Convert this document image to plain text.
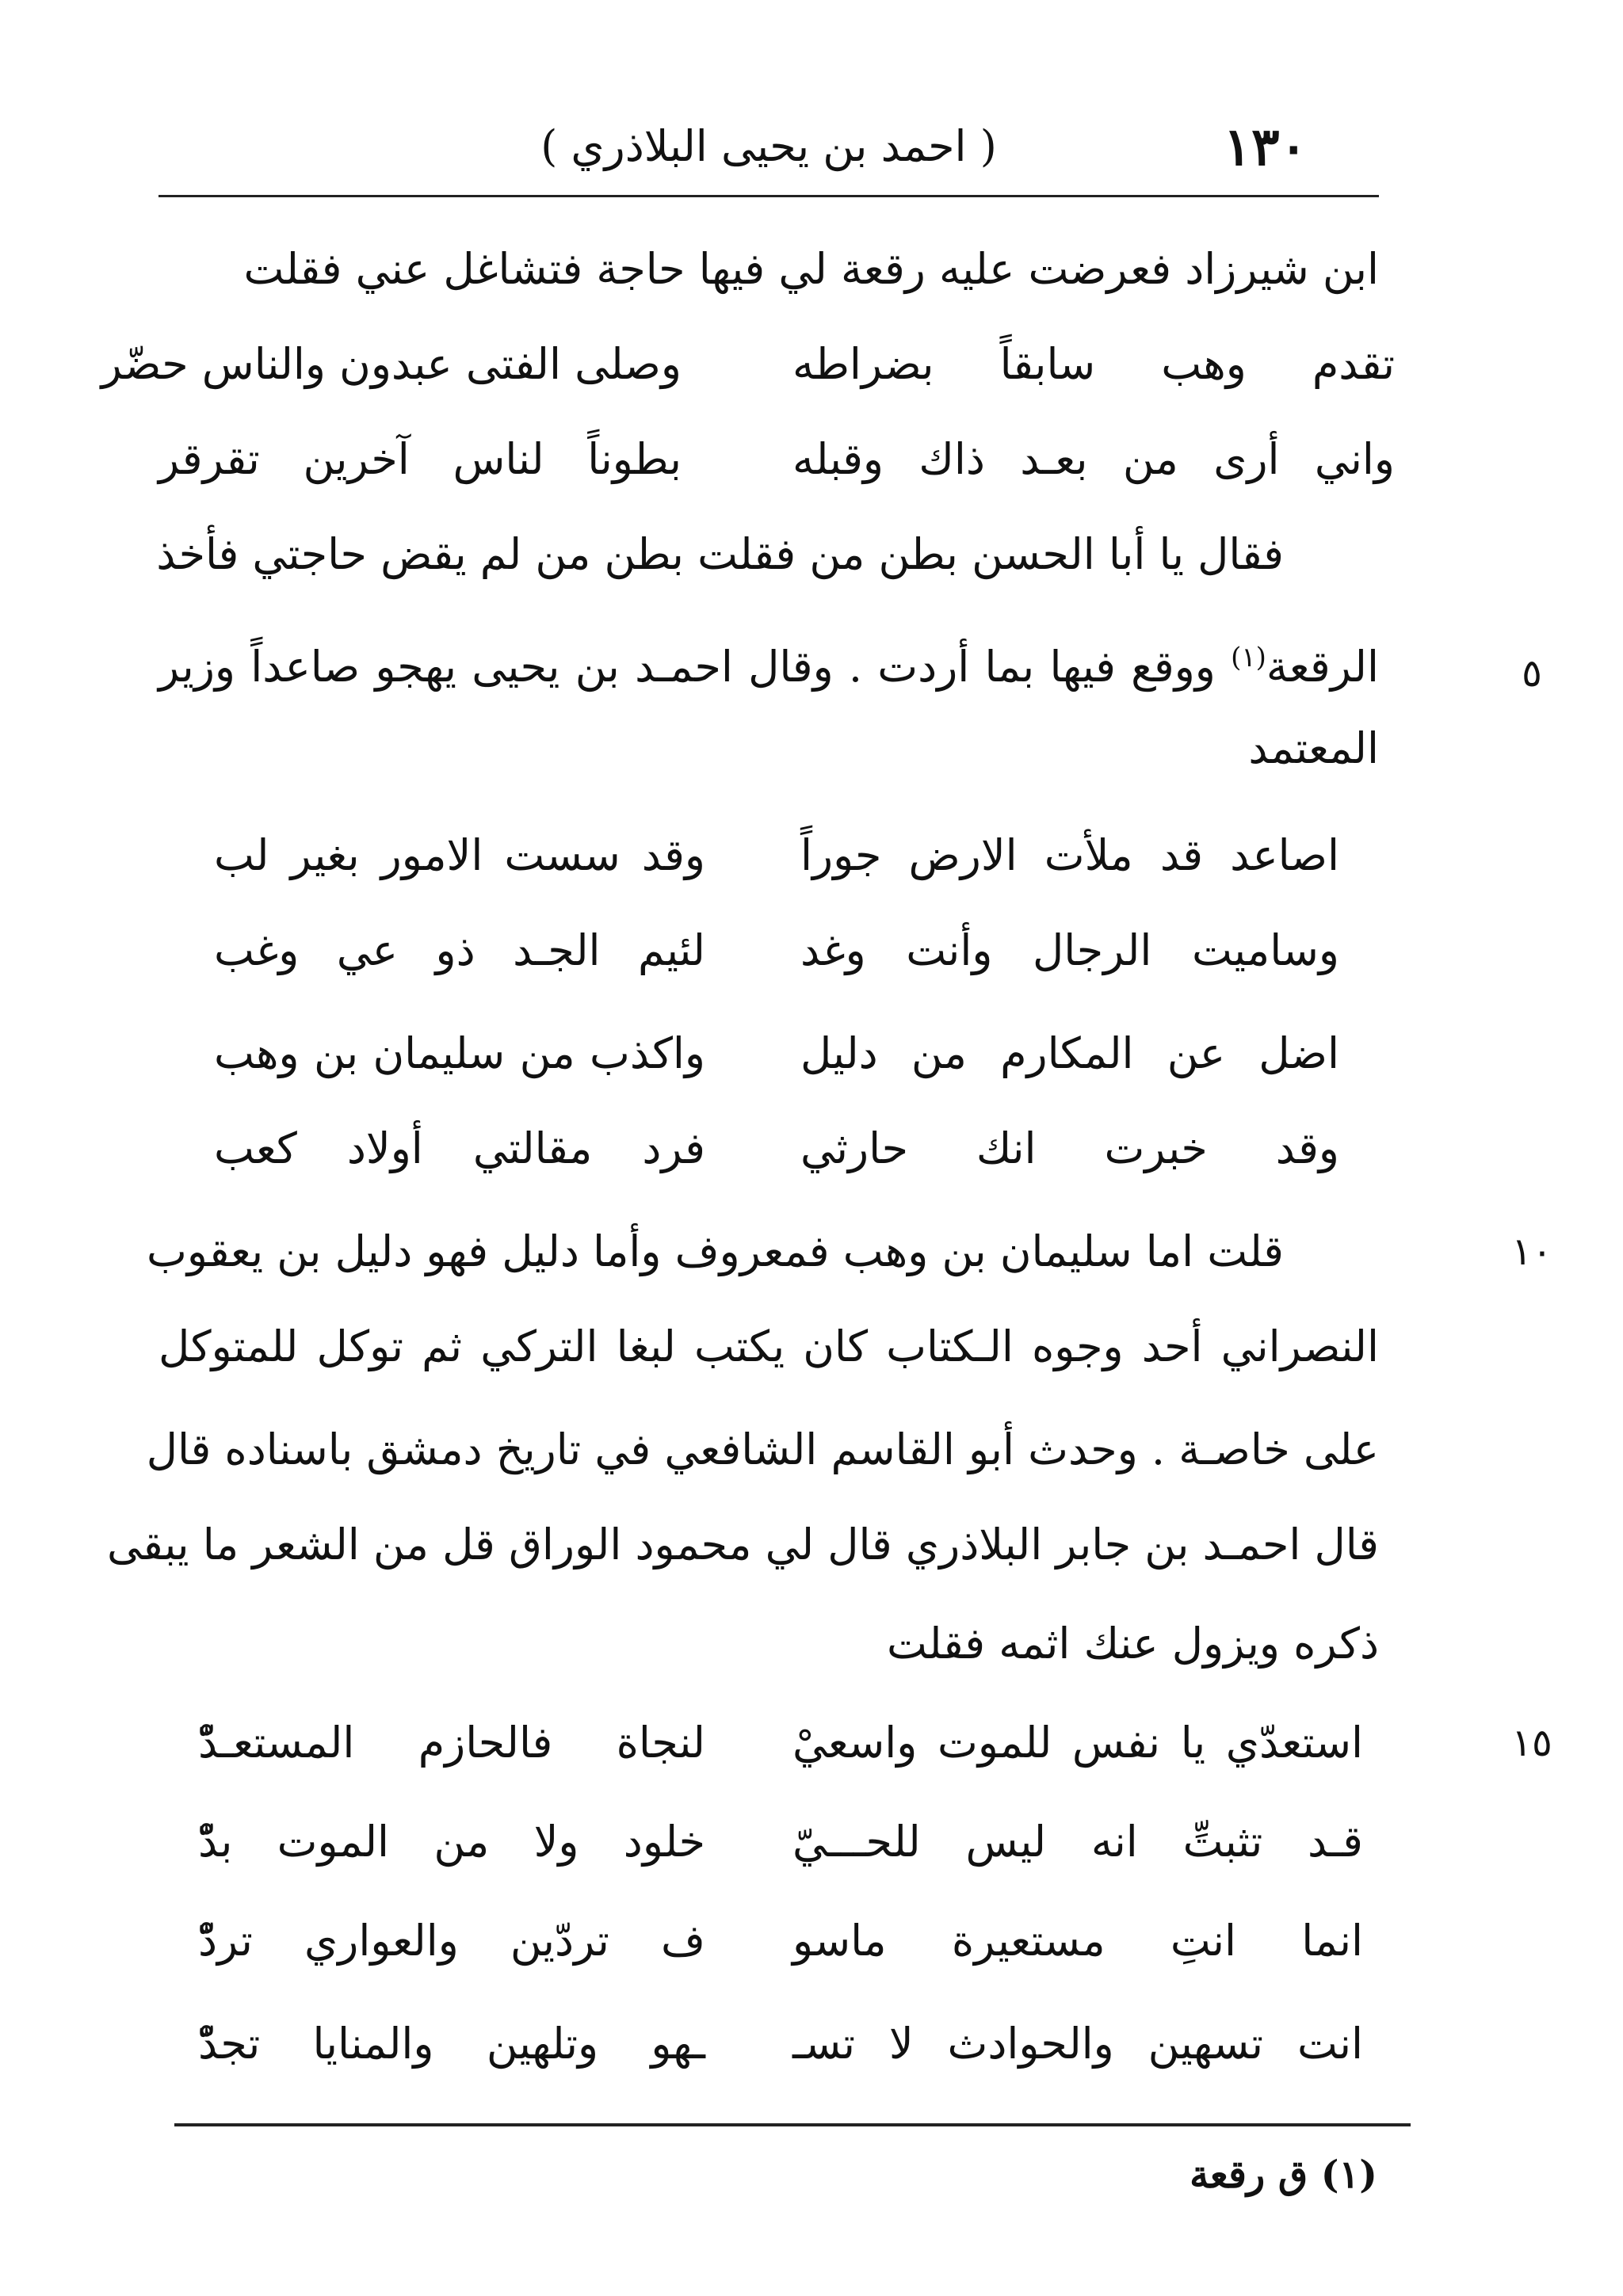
١٣٠
( احمد بن يحيى البلاذري )
ابن شيرزاد فعرضت عليه رقعة لي فيها حاجة فتشاغل عني فقلت
تقدم وهب سابقاً بضراطه
وصلى الفتى عبدون والناس حضّر
واني أرى من بعـد ذاك وقبله
بطوناً لناس آخرين تقرقر
فقال يا أبا الحسن بطن من فقلت بطن من لم يقض حاجتي فأخذ
الرقعة$^{(١)}$ ووقع فيها بما أردت . وقال احمـد بن يحيى يهجو صاعداً وزير	٥
المعتمد
اصاعد قد ملأت الارض جوراً
وقد سست الامور بغير لب
وساميت الرجال وأنت وغد
لئيم الجـد ذو عي وغب
اضل عن المكارم من دليل
واكذب من سليمان بن وهب
وقد خبرت انك حارثي
فرد مقالتي أولاد كعب
قلت اما سليمان بن وهب فمعروف وأما دليل فهو دليل بن يعقوب	١٠
النصراني أحد وجوه الـكتاب كان يكتب لبغا التركي ثم توكل للمتوكل
على خاصـة . وحدث أبو القاسم الشافعي في تاريخ دمشق باسناده قال
قال احمـد بن جابر البلاذري قال لي محمود الوراق قل من الشعر ما يبقى
ذكره ويزول عنك اثمه فقلت
١٥
استعدّي يا نفس للموت واسعيْ
لنجاة فالحازم المستعـدّْ
قـد تثبتِّ انه ليس للحـــيّ
خلود ولا من الموت بدّْ
انما انتِ مستعيرة ماسو
ف تردّين والعواري تردّْ
انت تسهين والحوادث لا تسـ
ـهو وتلهين والمنايا تجدّْ
(١) ق رقعة
